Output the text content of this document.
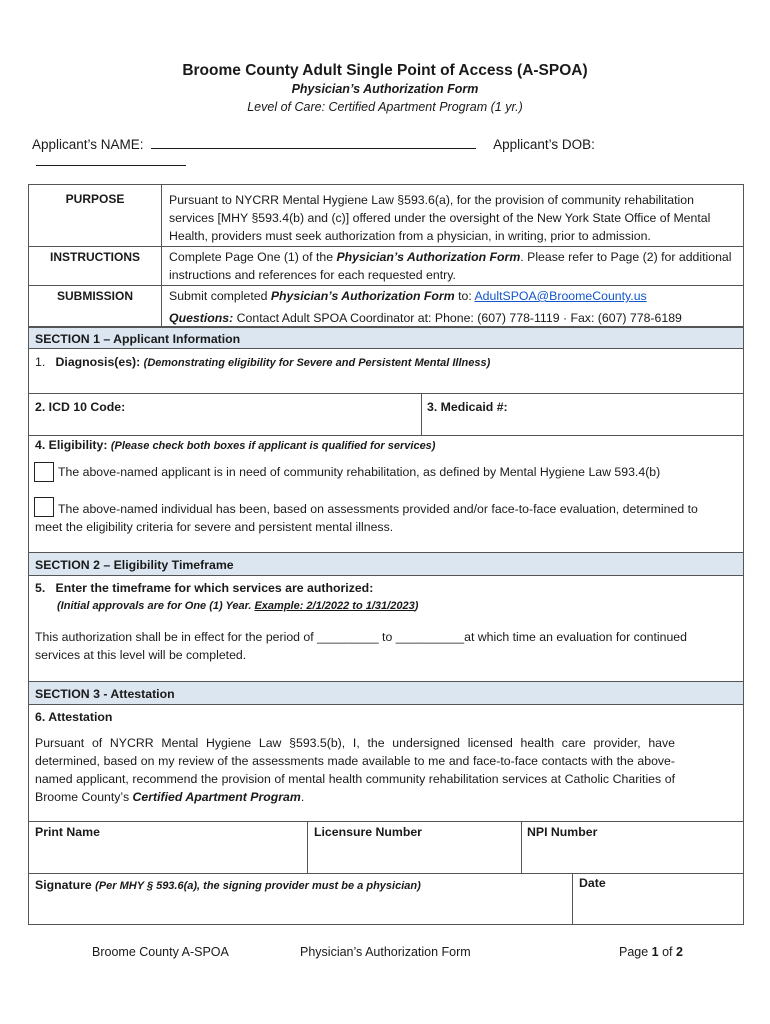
Broome County Adult Single Point of Access (A-SPOA)
Physician’s Authorization Form
Level of Care: Certified Apartment Program (1 yr.)
Applicant’s NAME:	Applicant’s DOB:
PURPOSE	Pursuant to NYCRR Mental Hygiene Law §593.6(a), for the provision of community rehabilitation services [MHY §593.4(b) and (c)] offered under the oversight of the New York State Office of Mental Health, providers must seek authorization from a physician, in writing, prior to admission.
INSTRUCTIONS	Complete Page One (1) of the Physician’s Authorization Form. Please refer to Page (2) for additional instructions and references for each requested entry.
SUBMISSION	Submit completed Physician’s Authorization Form to: AdultSPOA@BroomeCounty.us
Questions: Contact Adult SPOA Coordinator at: Phone: (607) 778-1119 · Fax: (607) 778-6189
SECTION 1 – Applicant Information
1. Diagnosis(es): (Demonstrating eligibility for Severe and Persistent Mental Illness)
2. ICD 10 Code:	3. Medicaid #:
4. Eligibility: (Please check both boxes if applicant is qualified for services)
The above-named applicant is in need of community rehabilitation, as defined by Mental Hygiene Law 593.4(b)
The above-named individual has been, based on assessments provided and/or face-to-face evaluation, determined to
meet the eligibility criteria for severe and persistent mental illness.
SECTION 2 – Eligibility Timeframe
5. Enter the timeframe for which services are authorized:
(Initial approvals are for One (1) Year. Example: 2/1/2022 to 1/31/2023)
This authorization shall be in effect for the period of _________ to __________at which time an evaluation for continued
services at this level will be completed.
SECTION 3 - Attestation
6. Attestation
Pursuant of NYCRR Mental Hygiene Law §593.5(b), I, the undersigned licensed health care provider, have determined, based on my review of the assessments made available to me and face-to-face contacts with the above-named applicant, recommend the provision of mental health community rehabilitation services at Catholic Charities of Broome County’s Certified Apartment Program.
Print Name	Licensure Number	NPI Number
Signature (Per MHY § 593.6(a), the signing provider must be a physician)	Date
Broome County A-SPOA	Physician’s Authorization Form	Page 1 of 2
